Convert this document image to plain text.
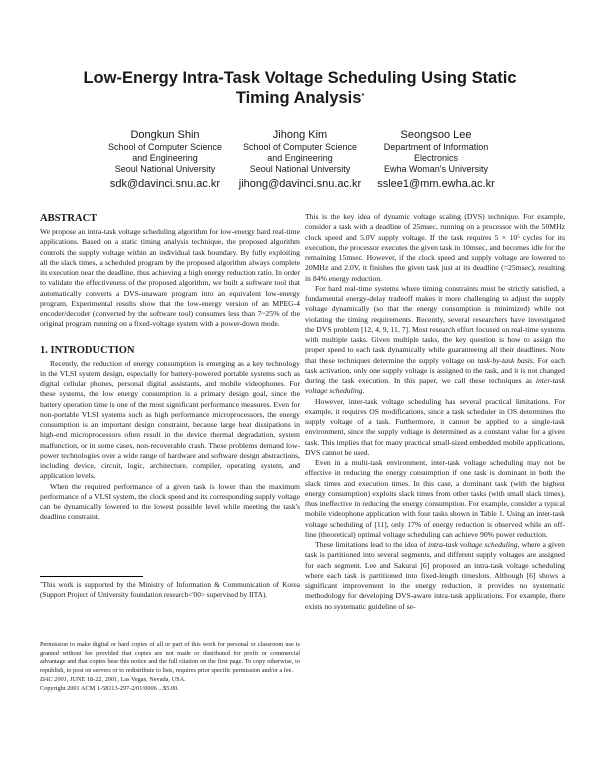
Low-Energy Intra-Task Voltage Scheduling Using Static
Timing Analysis*
Dongkun Shin
School of Computer Science
and Engineering
Seoul National University
sdk@davinci.snu.ac.kr
Jihong Kim
School of Computer Science
and Engineering
Seoul National University
jihong@davinci.snu.ac.kr
Seongsoo Lee
Department of Information
Electronics
Ewha Woman's University
sslee1@mm.ewha.ac.kr
ABSTRACT

We propose an intra-task voltage scheduling algorithm for low-energy hard real-time applications. Based on a static timing analysis technique, the proposed algorithm controls the supply voltage within an individual task boundary. By fully exploiting all the slack times, a scheduled program by the proposed algorithm always complete its execution near the deadline, thus achieving a high energy reduction ratio. In order to validate the effectiveness of the proposed algorithm, we built a software tool that automatically converts a DVS-unaware program into an equivalent low-energy program. Experimental results show that the low-energy version of an MPEG-4 encoder/decoder (converted by the software tool) consumes less than 7~25% of the original program running on a fixed-voltage system with a power-down mode.

1. INTRODUCTION

Recently, the reduction of energy consumption is emerging as a key technology in the VLSI system design, especially for battery-powered portable systems such as digital cellular phones, personal digital assistants, and mobile videophones. For these systems, the low energy consumption is a primary design goal, since the battery operation time is one of the most significant performance measures. Even for non-portable VLSI systems such as high performance microprocessors, the energy consumption is an important design constraint, because large heat dissipations in high-end microprocessors often result in the device thermal degradation, system malfunction, or in some cases, non-recoverable crash. These problems demand low-power technologies over a wide range of hardware and software design abstractions, including device, circuit, logic, architecture, compiler, operating system, and application levels.

When the required performance of a given task is lower than the maximum performance of a VLSI system, the clock speed and its corresponding supply voltage can be dynamically lowered to the lowest possible level while meeting the task's deadline constraint.

*This work is supported by the Ministry of Information & Communication of Korea (Support Project of University foundation research<'00> supervised by IITA).
Permission to make digital or hard copies of all or part of this work for personal or classroom use is granted without fee provided that copies are not made or distributed for profit or commercial advantage and that copies bear this notice and the full citation on the first page. To copy otherwise, to republish, to post on servers or to redistribute to lists, requires prior specific permission and/or a fee.
DAC 2001, JUNE 18-22, 2001, Las Vegas, Nevada, USA.
Copyright 2001 ACM 1-58113-297-2/01/0006 ...$5.00.

This is the key idea of dynamic voltage scaling (DVS) technique. For example, consider a task with a deadline of 25msec, running on a processor with the 50MHz clock speed and 5.0V supply voltage. If the task requires $5 \times 10^5$ cycles for its execution, the processor executes the given task in 10msec, and becomes idle for the remaining 15msec. However, if the clock speed and supply voltage are lowered to 20MHz and 2.0V, it finishes the given task just at its deadline (=25msec), resulting in 84% energy reduction.

For hard real-time systems where timing constraints must be strictly satisfied, a fundamental energy-delay tradeoff makes it more challenging to adjust the supply voltage dynamically (so that the energy consumption is minimized) while not violating the timing requirements. Recently, several researchers have investigated the DVS problem [12, 4, 9, 11, 7]. Most research effort focused on real-time systems with multiple tasks. Given multiple tasks, the key question is how to assign the proper speed to each task dynamically while guaranteeing all their deadlines. Note that these techniques determine the supply voltage on task-by-task basis. For each task activation, only one supply voltage is assigned to the task, and it is not changed during the task execution. In this paper, we call these techniques as inter-task voltage scheduling.

However, inter-task voltage scheduling has several practical limitations. For example, it requires OS modifications, since a task scheduler in OS determines the supply voltage of a task. Furthermore, it cannot be applied to a single-task environment, since the supply voltage is determined as a constant value for a given task. This implies that for many practical small-sized embedded mobile applications, DVS cannot be used.

Even in a multi-task environment, inter-task voltage scheduling may not be effective in reducing the energy consumption if one task is dominant in both the slack times and execution times. In this case, a dominant task (with the highest energy consumption) exploits slack times from other tasks (with small slack times), thus ineffective in reducing the energy consumption. For example, consider a typical mobile videophone application with four tasks shown in Table 1. Using an inter-task voltage scheduling of [11], only 17% of energy reduction is observed while an off-line (theoretical) optimal voltage scheduling can achieve 90% power reduction.

These limitations lead to the idea of intra-task voltage scheduling, where a given task is partitioned into several segments, and different supply voltages are assigned for each segment. Lee and Sakurai [6] proposed an intra-task voltage scheduling where each task is partitioned into fixed-length timeslots. Although [6] shows a significant improvement in the energy reduction, it provides no systematic methodology for developing DVS-aware intra-task applications. For example, there exists no systematic guideline of se-
